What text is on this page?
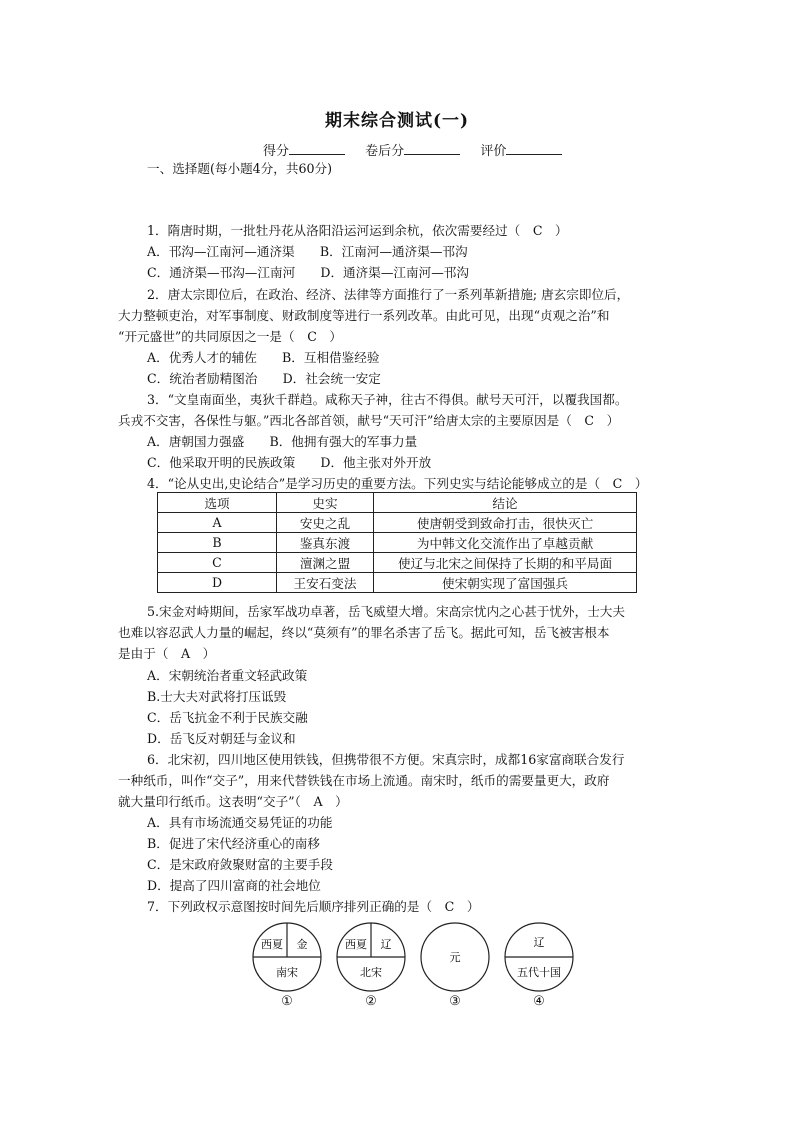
期末综合测试(一)
得分	卷后分	评价
一、选择题(每小题4分，共60分)
1．隋唐时期，一批牡丹花从洛阳沿运河运到余杭，依次需要经过（　C　）
A．邗沟—江南河—通济渠　　B．江南河—通济渠—邗沟
C．通济渠—邗沟—江南河　　D．通济渠—江南河—邗沟
2．唐太宗即位后，在政治、经济、法律等方面推行了一系列革新措施; 唐玄宗即位后，
大力整顿吏治，对军事制度、财政制度等进行一系列改革。由此可见，出现“贞观之治”和
“开元盛世”的共同原因之一是（　C　）
A．优秀人才的辅佐　　B．互相借鉴经验
C．统治者励精图治　　D．社会统一安定
3．“文皇南面坐，夷狄千群趋。咸称天子神，往古不得俱。献号天可汗，以覆我国都。
兵戎不交害，各保性与躯。”西北各部首领，献号“天可汗”给唐太宗的主要原因是（　C　）
A．唐朝国力强盛　　B．他拥有强大的军事力量
C．他采取开明的民族政策　　D．他主张对外开放
4．“论从史出,史论结合”是学习历史的重要方法。下列史实与结论能够成立的是（　C　）
5.宋金对峙期间，岳家军战功卓著，岳飞威望大增。宋高宗忧内之心甚于忧外，士大夫
也难以容忍武人力量的崛起，终以“莫须有”的罪名杀害了岳飞。据此可知，岳飞被害根本
是由于（　A　）
A．宋朝统治者重文轻武政策
B.士大夫对武将打压诋毁
C．岳飞抗金不利于民族交融
D．岳飞反对朝廷与金议和
6．北宋初，四川地区使用铁钱，但携带很不方便。宋真宗时，成都16家富商联合发行
一种纸币，叫作“交子”，用来代替铁钱在市场上流通。南宋时，纸币的需要量更大，政府
就大量印行纸币。这表明“交子”（　A　）
A．具有市场流通交易凭证的功能
B．促进了宋代经济重心的南移
C．是宋政府敛聚财富的主要手段
D．提高了四川富商的社会地位
7．下列政权示意图按时间先后顺序排列正确的是（　C　）
选项	史实	结论
A	安史之乱	使唐朝受到致命打击，很快灭亡
B	鉴真东渡	为中韩文化交流作出了卓越贡献
C	澶渊之盟	使辽与北宋之间保持了长期的和平局面
D	王安石变法	使宋朝实现了富国强兵
西夏 金
南宋
①
西夏 辽
北宋
②
元
③
辽
五代十国
④
